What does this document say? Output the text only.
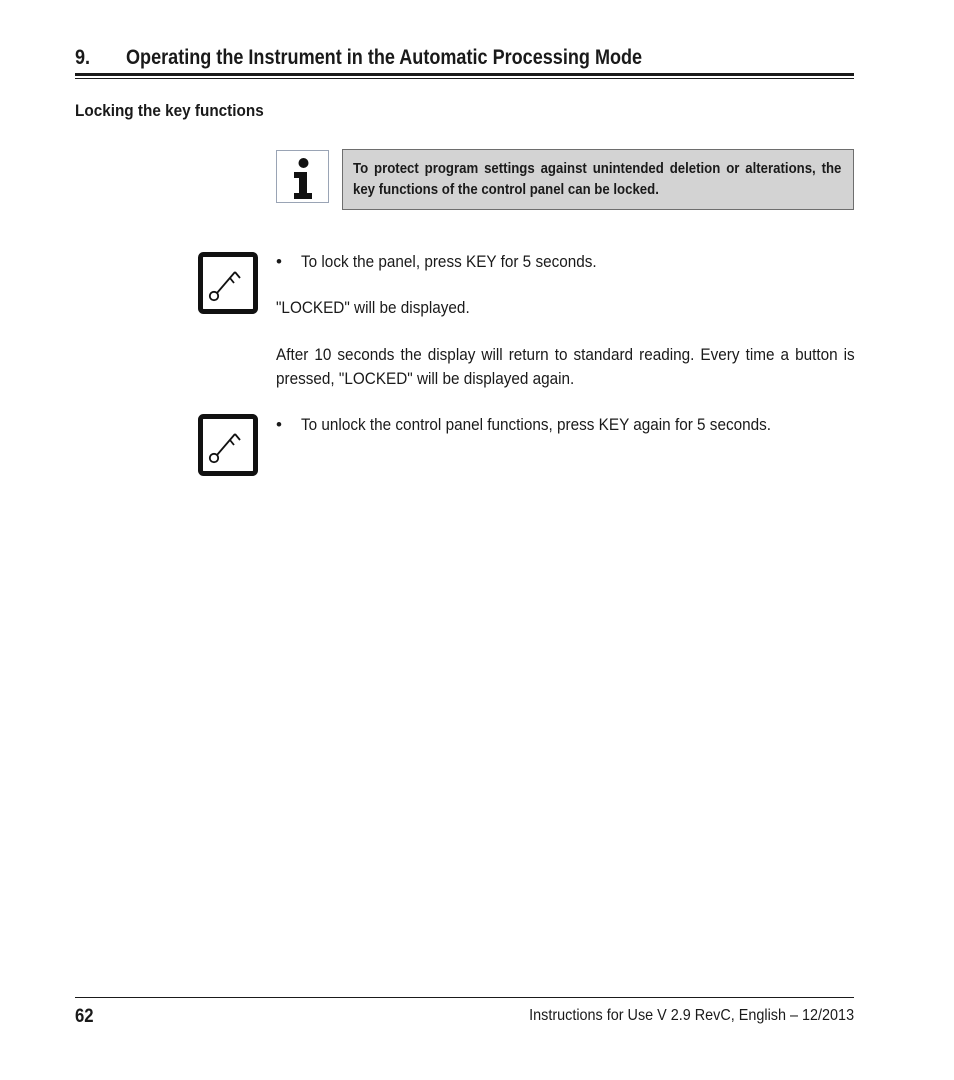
9. Operating the Instrument in the Automatic Processing Mode
Locking the key functions
To protect program settings against unintended deletion or alterations, the key functions of the control panel can be locked.
• To lock the panel, press KEY for 5 seconds.
"LOCKED" will be displayed.
After 10 seconds the display will return to standard reading. Every time a button is pressed, "LOCKED" will be displayed again.
• To unlock the control panel functions, press KEY again for 5 seconds.
62	Instructions for Use V 2.9 RevC, English – 12/2013
